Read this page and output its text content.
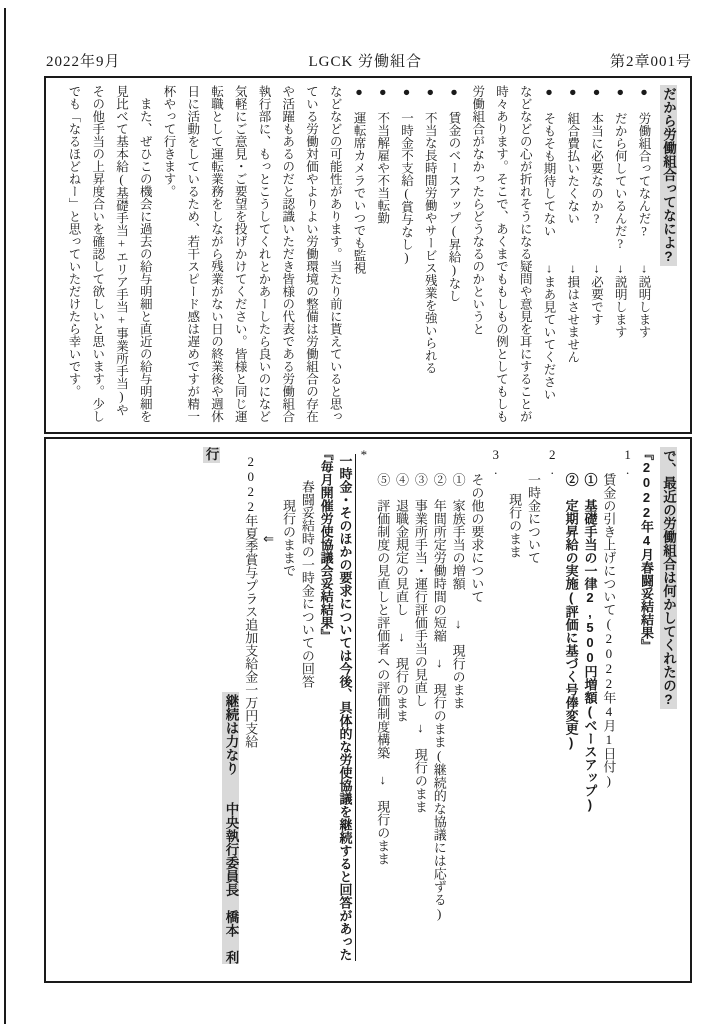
2022年9月	LGCK 労働組合	第2章001号
だから労働組合ってなによ?
●　労働組合ってなんだ?↓説明します
●　だから何しているんだ?↓説明します
●　本当に必要なのか?↓必要です
●　組合費払いたくない↓損はさせません
●　そもそも期待してない↓まあ見ていてください

などなどの心が折れそうになる疑問や意見を耳にすることが時々あります。そこで、あくまでももしもの例としてもしも労働組合がなかったらどうなるのかというと

●　賃金のベースアップ(昇給)なし
●　不当な長時間労働やサービス残業を強いられる
●　一時金不支給(賞与なし)
●　不当解雇や不当転勤
●　運転席カメラでいつでも監視

などなどの可能性があります。当たり前に貰えていると思っている労働対価やよりよい労働環境の整備は労働組合の存在や活躍もあるのだと認識いただき皆様の代表である労働組合執行部に、もっとこうしてくれとかあーしたら良いのになど気軽にご意見・ご要望を投げかけてください。皆様と同じ運転職として運転業務をしながら残業がない日の終業後や週休日に活動をしているため、若干スピード感は遅めですが精一杯やって行きます。

　また、ぜひこの機会に過去の給与明細と直近の給与明細を見比べて基本給(基礎手当+エリア手当+事業所手当)やその他手当の上昇度合いを確認して欲しいと思います。少しでも「なるほどねー」と思っていただけたら幸いです。

で、最近の労働組合は何かしてくれたの?
『2022年4月春闘妥結結果』
1.
賃金の引き上げについて(2022年4月1日付)
①　基礎手当の一律2,500円増額(ベースアップ)
②　定期昇給の実施(評価に基づく号俸変更)
2.
一時金について
現行のまま
3.
その他の要求について
①　家族手当の増額　　↓　現行のまま
②　年間所定労働時間の短縮　↓　現行のまま(継続的な協議には応ずる)
③　事業所手当・運行評価手当の見直し　↓　現行のまま
④　退職金規定の見直し　↓　現行のまま
⑤　評価制度の見直しと評価者への評価制度構築　↓　現行のまま
*
一時金・そのほかの要求については今後、具体的な労使協議を継続すると回答があった
『毎月開催労使協議会妥結結果』
春闘妥結時の一時金についての回答
現行のままで
⇐
2022年夏季賞与プラス追加支給金一万円支給
継続は力なり　　中央執行委員長　橋本　利行
